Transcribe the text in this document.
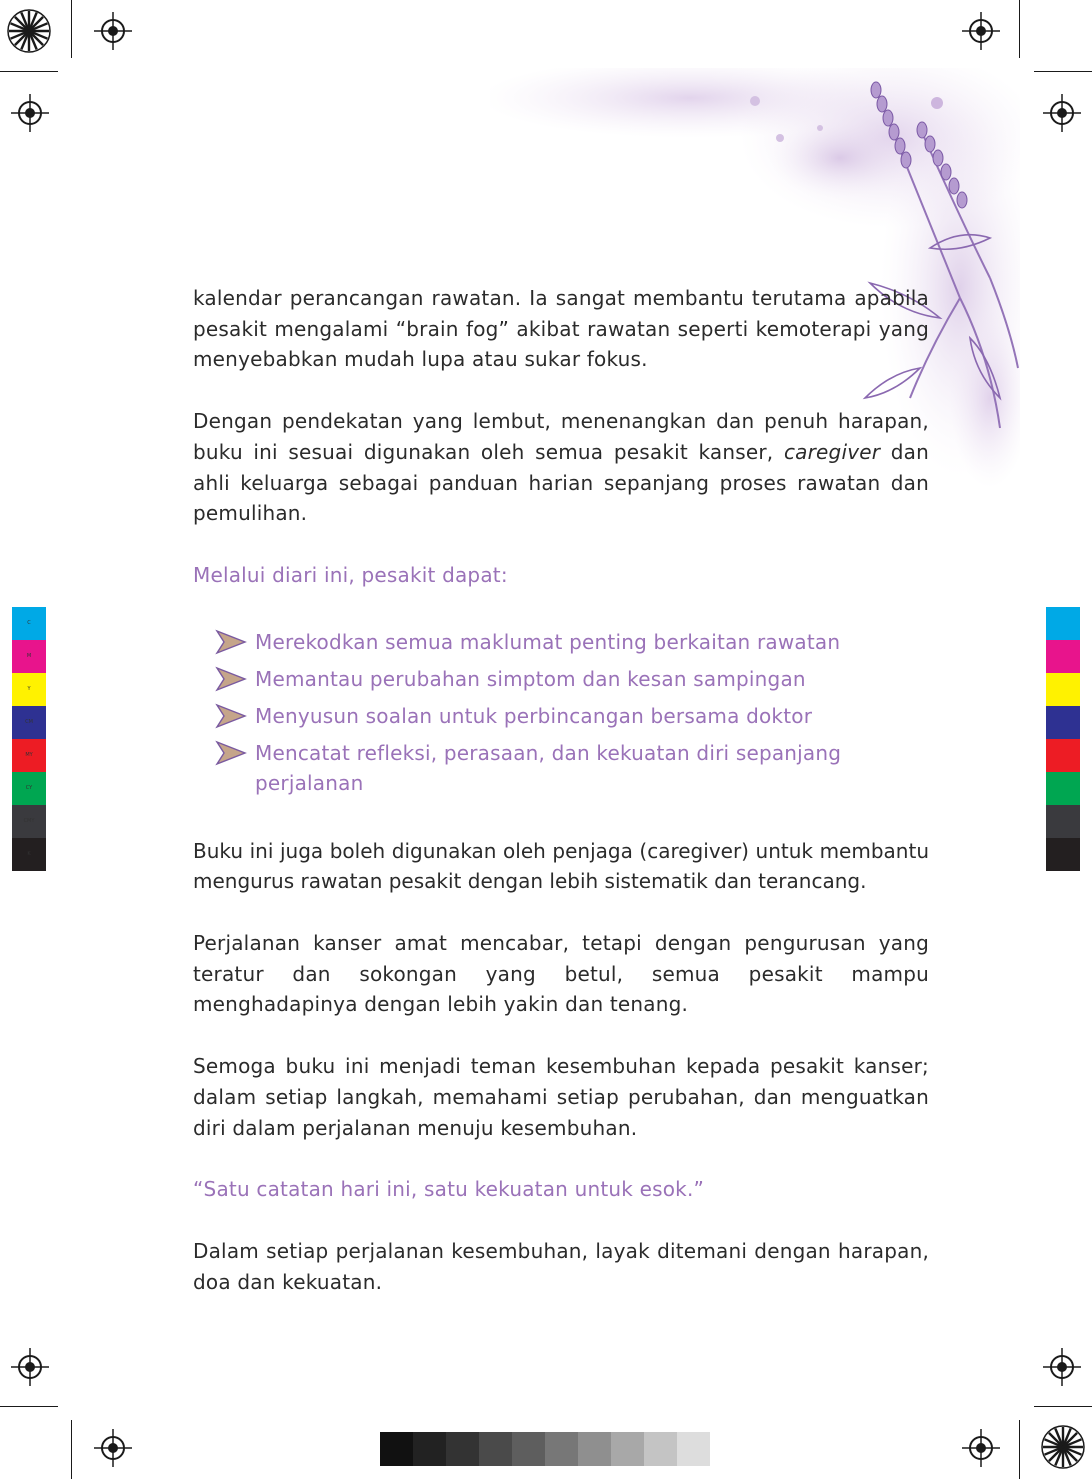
C
M
Y
CM
MY
CY
CMY
K

kalendar perancangan rawatan. Ia sangat membantu terutama apabila pesakit mengalami “brain fog” akibat rawatan seperti kemoterapi yang menyebabkan mudah lupa atau sukar fokus.

Dengan pendekatan yang lembut, menenangkan dan penuh harapan, buku ini sesuai digunakan oleh semua pesakit kanser, caregiver dan ahli keluarga sebagai panduan harian sepanjang proses rawatan dan pemulihan.

Melalui diari ini, pesakit dapat:

Merekodkan semua maklumat penting berkaitan rawatan
Memantau perubahan simptom dan kesan sampingan
Menyusun soalan untuk perbincangan bersama doktor
Mencatat refleksi, perasaan, dan kekuatan diri sepanjang perjalanan

Buku ini juga boleh digunakan oleh penjaga (caregiver) untuk membantu mengurus rawatan pesakit dengan lebih sistematik dan terancang.

Perjalanan kanser amat mencabar, tetapi dengan pengurusan yang teratur dan sokongan yang betul, semua pesakit mampu menghadapinya dengan lebih yakin dan tenang.

Semoga buku ini menjadi teman kesembuhan kepada pesakit kanser; dalam setiap langkah, memahami setiap perubahan, dan menguatkan diri dalam perjalanan menuju kesembuhan.

“Satu catatan hari ini, satu kekuatan untuk esok.”

Dalam setiap perjalanan kesembuhan, layak ditemani dengan harapan, doa dan kekuatan.
